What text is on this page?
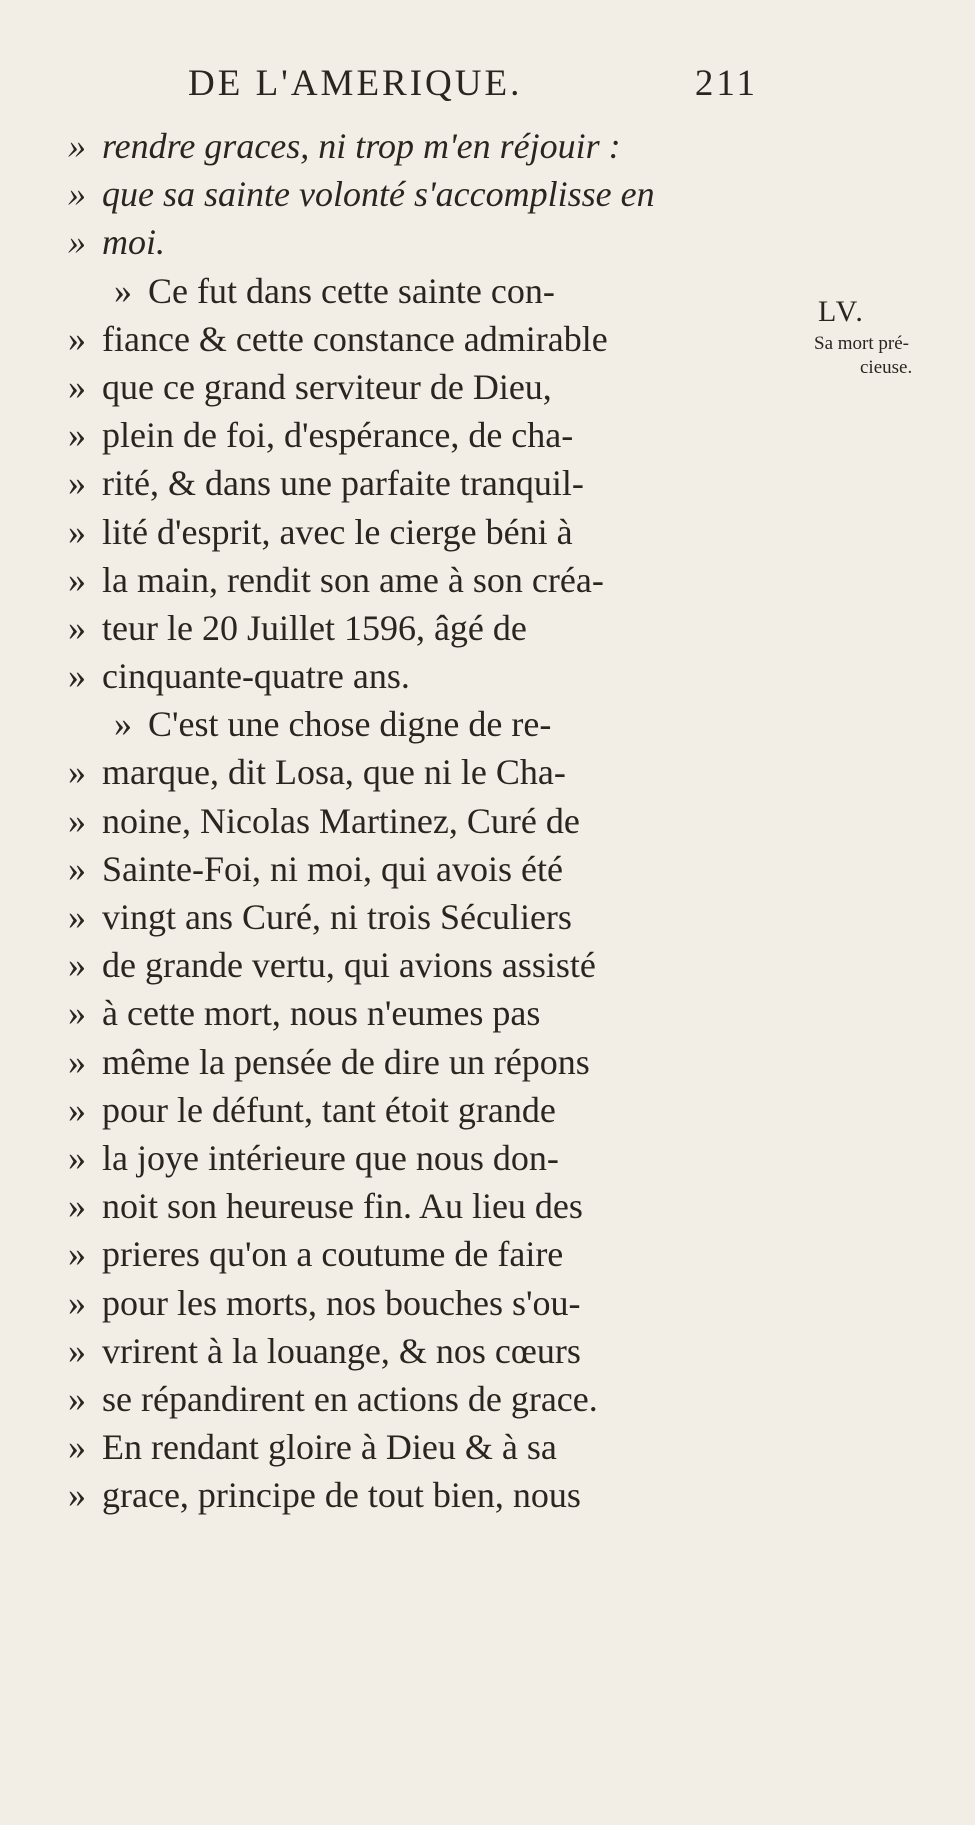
DE L'AMERIQUE.	211
» rendre graces, ni trop m'en réjouir :
» que sa sainte volonté s'accomplisse en
» moi.
» Ce fut dans cette sainte con-
» fiance & cette constance admirable
» que ce grand serviteur de Dieu,
» plein de foi, d'espérance, de cha-
» rité, & dans une parfaite tranquil-
» lité d'esprit, avec le cierge béni à
» la main, rendit son ame à son créa-
» teur le 20 Juillet 1596, âgé de
» cinquante-quatre ans.
» C'est une chose digne de re-
» marque, dit Losa, que ni le Cha-
» noine, Nicolas Martinez, Curé de
» Sainte-Foi, ni moi, qui avois été
» vingt ans Curé, ni trois Séculiers
» de grande vertu, qui avions assisté
» à cette mort, nous n'eumes pas
» même la pensée de dire un répons
» pour le défunt, tant étoit grande
» la joye intérieure que nous don-
» noit son heureuse fin. Au lieu des
» prieres qu'on a coutume de faire
» pour les morts, nos bouches s'ou-
» vrirent à la louange, & nos cœurs
» se répandirent en actions de grace.
» En rendant gloire à Dieu & à sa
» grace, principe de tout bien, nous
LV.
Sa mort pré-
cieuse.
